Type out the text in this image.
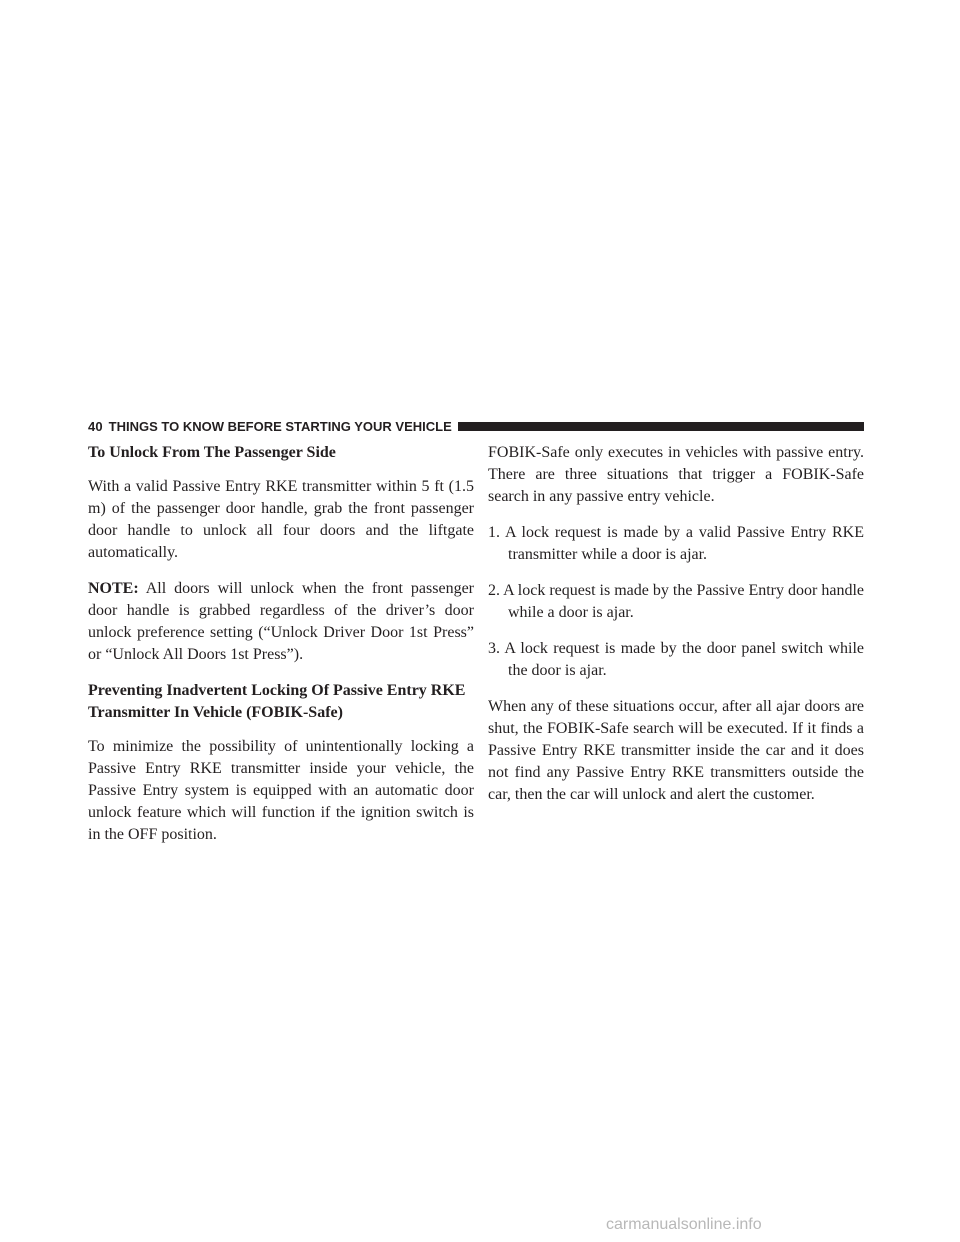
40 THINGS TO KNOW BEFORE STARTING YOUR VEHICLE

To Unlock From The Passenger Side

With a valid Passive Entry RKE transmitter within 5 ft (1.5 m) of the passenger door handle, grab the front passenger door handle to unlock all four doors and the liftgate automatically.

NOTE: All doors will unlock when the front passenger door handle is grabbed regardless of the driver’s door unlock preference setting (“Unlock Driver Door 1st Press” or “Unlock All Doors 1st Press”).

Preventing Inadvertent Locking Of Passive Entry RKE Transmitter In Vehicle (FOBIK-Safe)

To minimize the possibility of unintentionally locking a Passive Entry RKE transmitter inside your vehicle, the Passive Entry system is equipped with an automatic door unlock feature which will function if the ignition switch is in the OFF position.

FOBIK-Safe only executes in vehicles with passive entry. There are three situations that trigger a FOBIK-Safe search in any passive entry vehicle.

1. A lock request is made by a valid Passive Entry RKE transmitter while a door is ajar.
2. A lock request is made by the Passive Entry door handle while a door is ajar.
3. A lock request is made by the door panel switch while the door is ajar.

When any of these situations occur, after all ajar doors are shut, the FOBIK-Safe search will be executed. If it finds a Passive Entry RKE transmitter inside the car and it does not find any Passive Entry RKE transmitters outside the car, then the car will unlock and alert the customer.

carmanualsonline.info
